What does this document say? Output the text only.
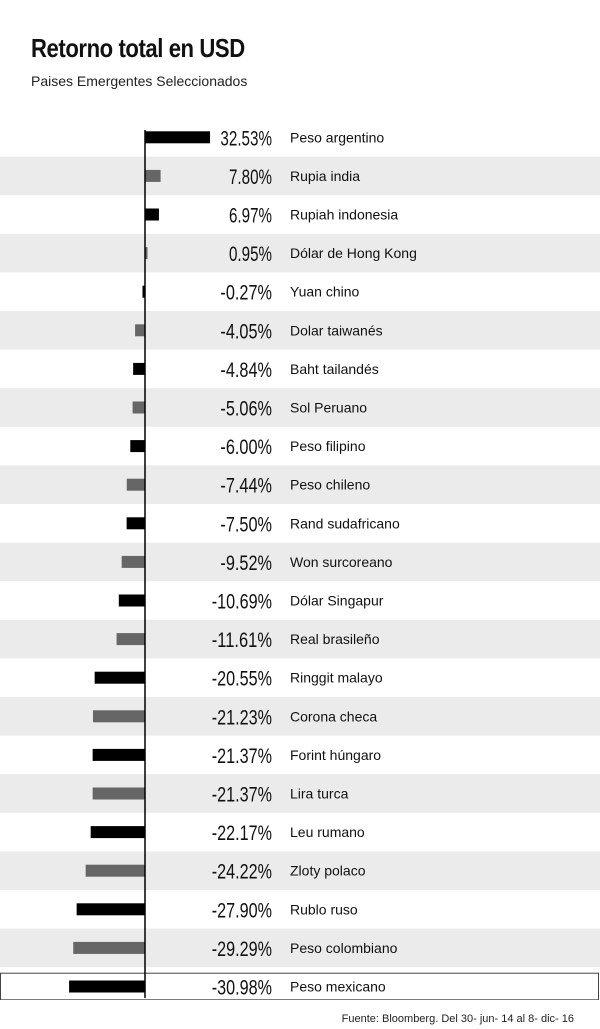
Retorno total en USD
Paises Emergentes Seleccionados
32.53% Peso argentino
7.80% Rupia india
6.97% Rupiah indonesia
0.95% Dólar de Hong Kong
-0.27% Yuan chino
-4.05% Dolar taiwanés
-4.84% Baht tailandés
-5.06% Sol Peruano
-6.00% Peso filipino
-7.44% Peso chileno
-7.50% Rand sudafricano
-9.52% Won surcoreano
-10.69% Dólar Singapur
-11.61% Real brasileño
-20.55% Ringgit malayo
-21.23% Corona checa
-21.37% Forint húngaro
-21.37% Lira turca
-22.17% Leu rumano
-24.22% Zloty polaco
-27.90% Rublo ruso
-29.29% Peso colombiano
-30.98% Peso mexicano
Fuente: Bloomberg. Del 30- jun- 14 al 8- dic- 16
